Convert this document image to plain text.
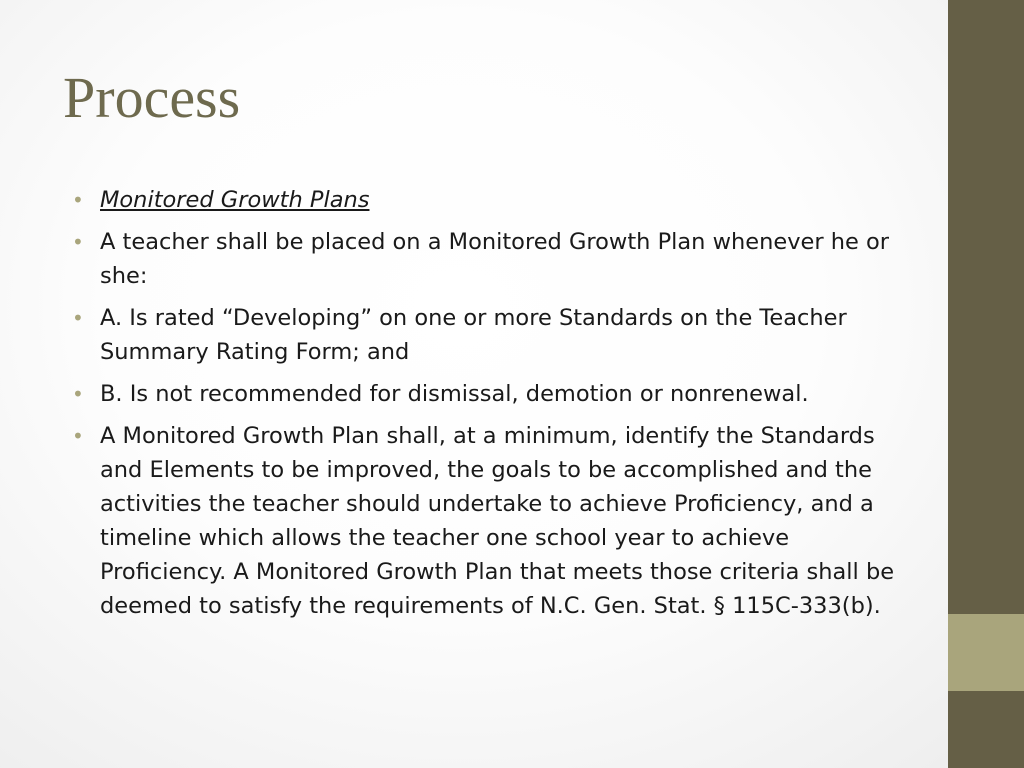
Process
• Monitored Growth Plans
• A teacher shall be placed on a Monitored Growth Plan whenever he or she:
• A. Is rated “Developing” on one or more Standards on the Teacher Summary Rating Form; and
• B. Is not recommended for dismissal, demotion or nonrenewal.
• A Monitored Growth Plan shall, at a minimum, identify the Standards and Elements to be improved, the goals to be accomplished and the activities the teacher should undertake to achieve Proficiency, and a timeline which allows the teacher one school year to achieve Proficiency. A Monitored Growth Plan that meets those criteria shall be deemed to satisfy the requirements of N.C. Gen. Stat. § 115C-333(b).
